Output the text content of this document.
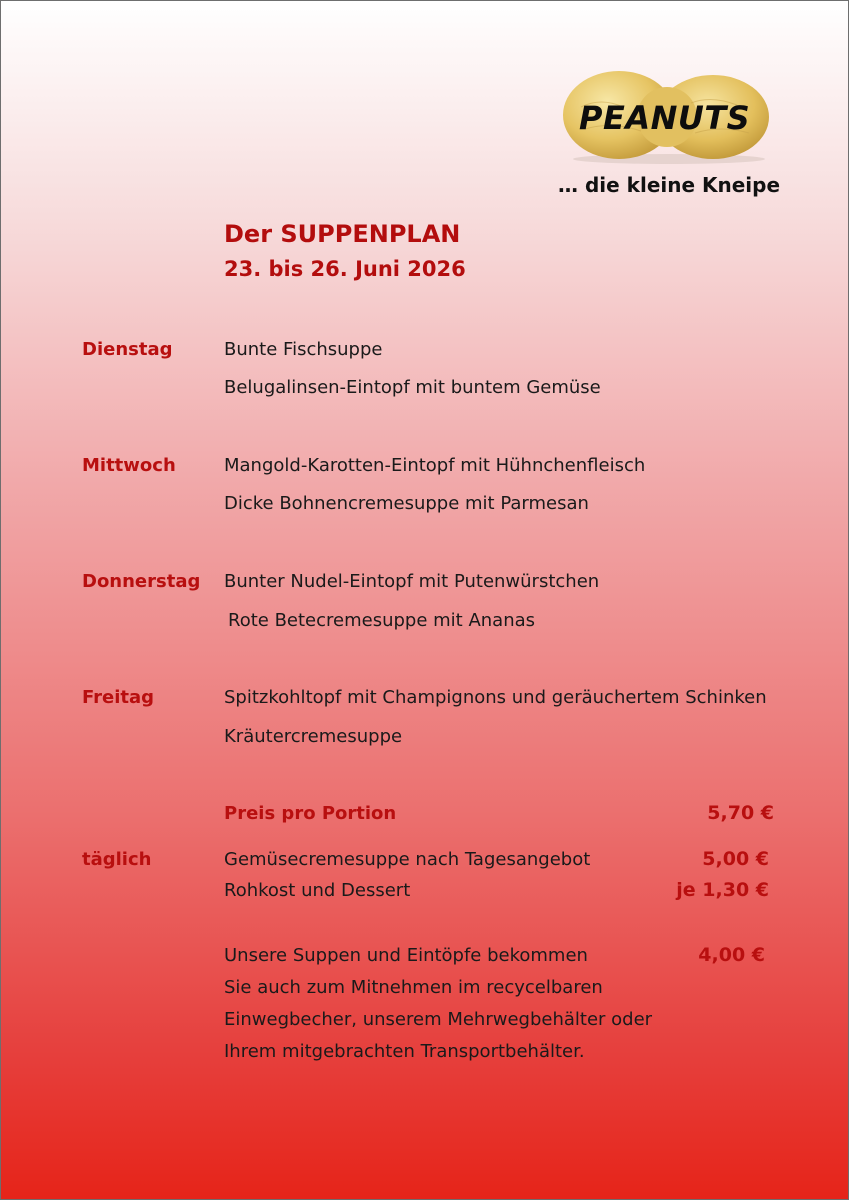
PEANUTS
… die kleine Kneipe
Der SUPPENPLAN
23. bis 26. Juni 2026
Dienstag	Bunte Fischsuppe
Belugalinsen-Eintopf mit buntem Gemüse
Mittwoch	Mangold-Karotten-Eintopf mit Hühnchenfleisch
Dicke Bohnencremesuppe mit Parmesan
Donnerstag Bunter Nudel-Eintopf mit Putenwürstchen
Rote Betecremesuppe mit Ananas
Freitag	Spitzkohltopf mit Champignons und geräuchertem Schinken
Kräutercremesuppe
Preis pro Portion	5,70 €
täglich	Gemüsecremesuppe nach Tagesangebot	5,00 €
Rohkost und Dessert	je 1,30 €
Unsere Suppen und Eintöpfe bekommen	4,00 €
Sie auch zum Mitnehmen im recycelbaren
Einwegbecher, unserem Mehrwegbehälter oder
Ihrem mitgebrachten Transportbehälter.
